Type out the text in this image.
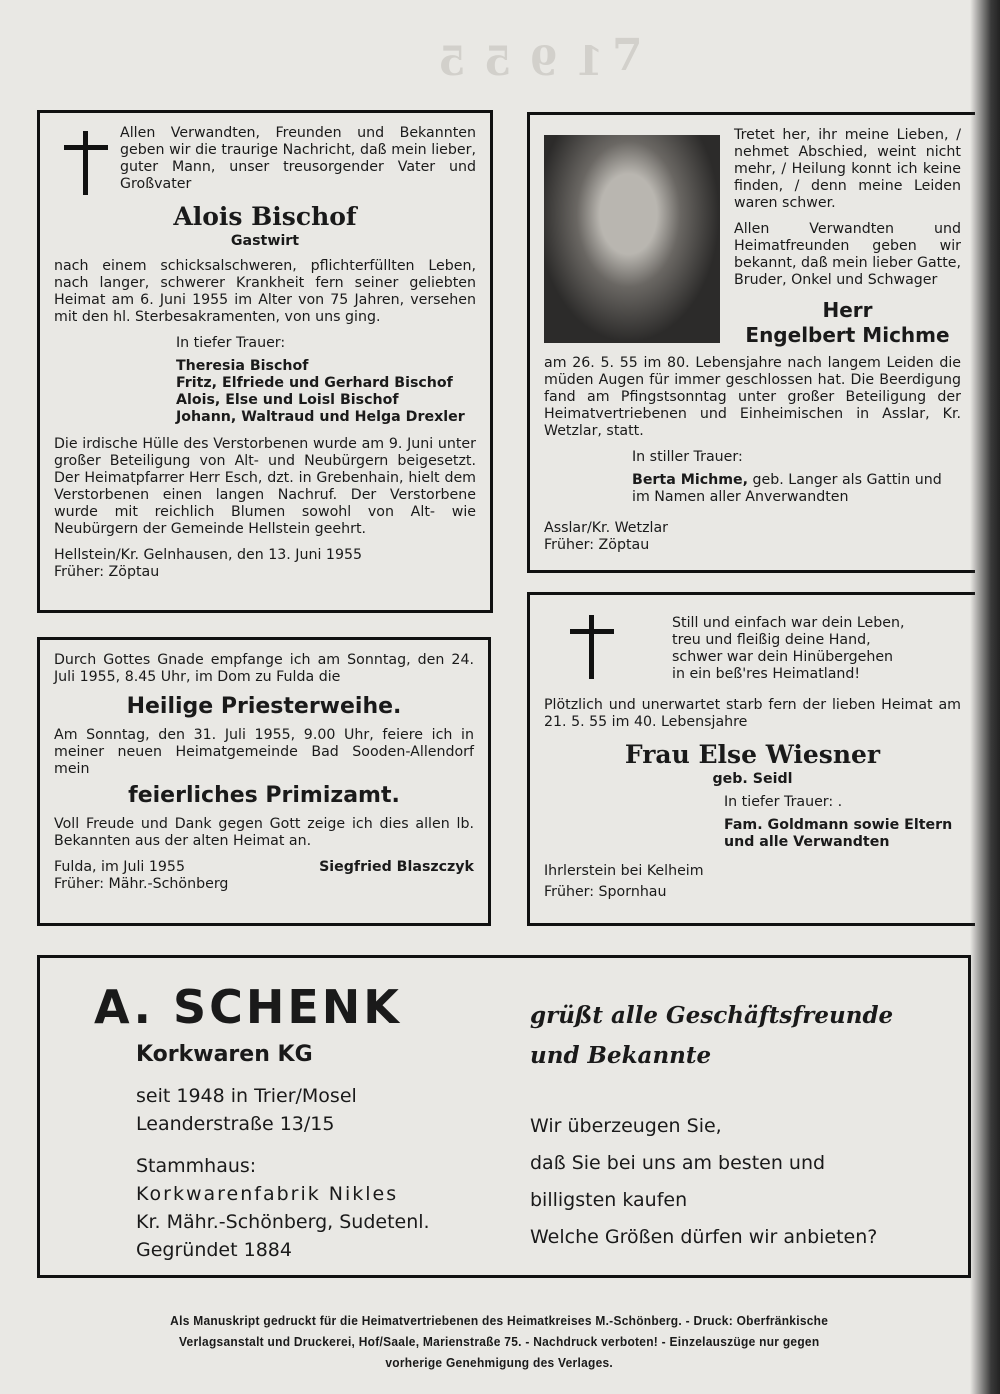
1955 7

Allen Verwandten, Freunden und Bekannten geben wir die traurige Nachricht, daß mein lieber, guter Mann, unser treusorgender Vater und Großvater

Alois Bischof
Gastwirt

nach einem schicksalschweren, pflichterfüllten Leben, nach langer, schwerer Krankheit fern seiner geliebten Heimat am 6. Juni 1955 im Alter von 75 Jahren, versehen mit den hl. Sterbesakramenten, von uns ging.

In tiefer Trauer:
Theresia Bischof
Fritz, Elfriede und Gerhard Bischof
Alois, Else und Loisl Bischof
Johann, Waltraud und Helga Drexler

Die irdische Hülle des Verstorbenen wurde am 9. Juni unter großer Beteiligung von Alt- und Neubürgern beigesetzt. Der Heimatpfarrer Herr Esch, dzt. in Grebenhain, hielt dem Verstorbenen einen langen Nachruf. Der Verstorbene wurde mit reichlich Blumen sowohl von Alt- wie Neubürgern der Gemeinde Hellstein geehrt.

Hellstein/Kr. Gelnhausen, den 13. Juni 1955
Früher: Zöptau

Durch Gottes Gnade empfange ich am Sonntag, den 24. Juli 1955, 8.45 Uhr, im Dom zu Fulda die

Heilige Priesterweihe.

Am Sonntag, den 31. Juli 1955, 9.00 Uhr, feiere ich in meiner neuen Heimatgemeinde Bad Sooden-Allendorf mein

feierliches Primizamt.

Voll Freude und Dank gegen Gott zeige ich dies allen lb. Bekannten aus der alten Heimat an.

Fulda, im Juli 1955	Siegfried Blaszczyk
Früher: Mähr.-Schönberg

Tretet her, ihr meine Lieben, / nehmet Abschied, weint nicht mehr, / Heilung konnt ich keine finden, / denn meine Leiden waren schwer.

Allen Verwandten und Heimatfreunden geben wir bekannt, daß mein lieber Gatte, Bruder, Onkel und Schwager

Herr
Engelbert Michme

am 26. 5. 55 im 80. Lebensjahre nach langem Leiden die müden Augen für immer geschlossen hat. Die Beerdigung fand am Pfingstsonntag unter großer Beteiligung der Heimatvertriebenen und Einheimischen in Asslar, Kr. Wetzlar, statt.

In stiller Trauer:
Berta Michme, geb. Langer als Gattin und im Namen aller Anverwandten
Asslar/Kr. Wetzlar
Früher: Zöptau
Still und einfach war dein Leben,
treu und fleißig deine Hand,
schwer war dein Hinübergehen
in ein beß'res Heimatland!

Plötzlich und unerwartet starb fern der lieben Heimat am 21. 5. 55 im 40. Lebensjahre

Frau Else Wiesner
geb. Seidl
In tiefer Trauer: .
Fam. Goldmann sowie Eltern und alle Verwandten
Ihrlerstein bei Kelheim
Früher: Spornhau
A. SCHENK
Korkwaren KG
seit 1948 in Trier/Mosel
Leanderstraße 13/15
Stammhaus:
Korkwarenfabrik Nikles
Kr. Mähr.-Schönberg, Sudetenl.
Gegründet 1884
grüßt alle Geschäftsfreunde
und Bekannte
Wir überzeugen Sie,
daß Sie bei uns am besten und
billigsten kaufen
Welche Größen dürfen wir anbieten?
Als Manuskript gedruckt für die Heimatvertriebenen des Heimatkreises M.-Schönberg. - Druck: Oberfränkische
Verlagsanstalt und Druckerei, Hof/Saale, Marienstraße 75. - Nachdruck verboten! - Einzelauszüge nur gegen
vorherige Genehmigung des Verlages.
